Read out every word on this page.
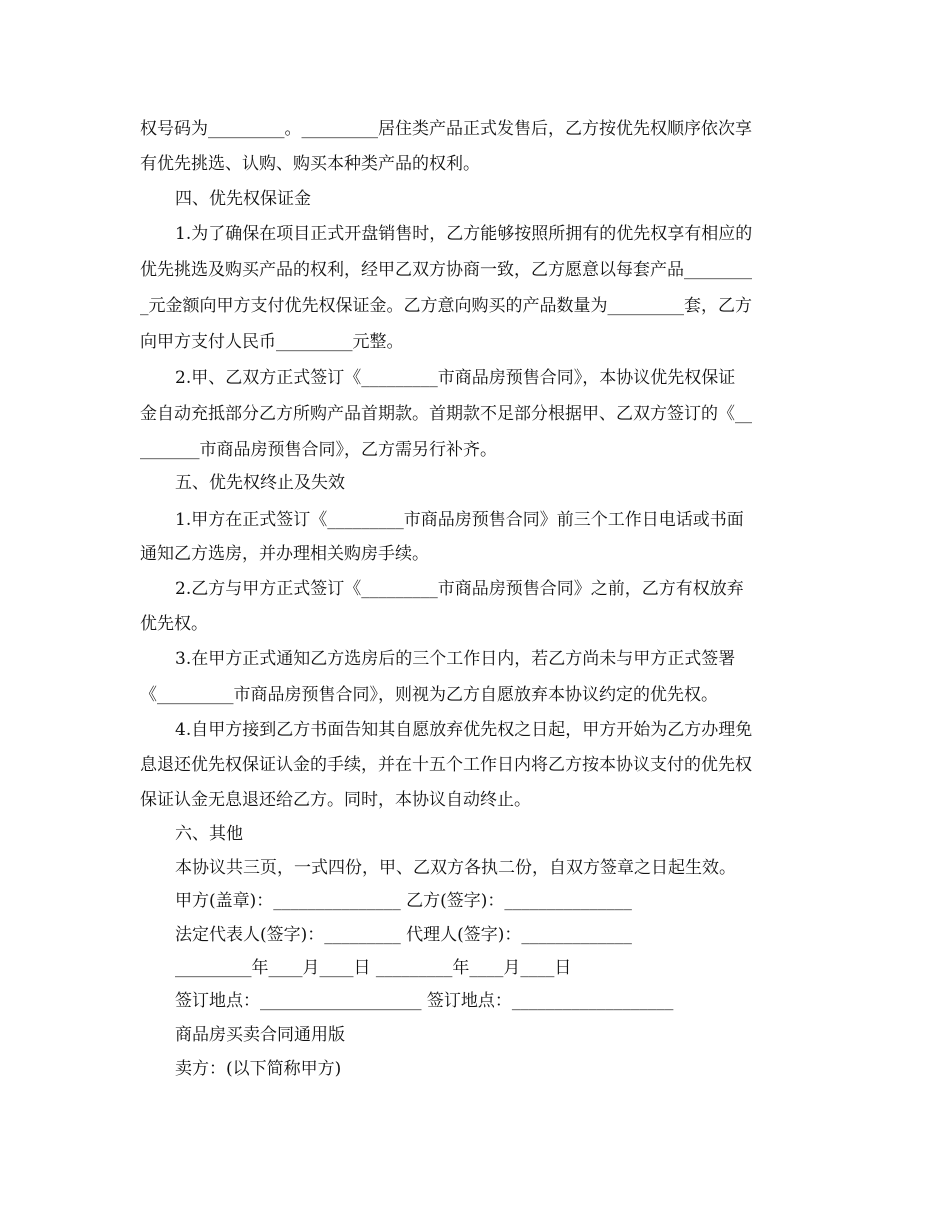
权号码为_________。_________居住类产品正式发售后，乙方按优先权顺序依次享
有优先挑选、认购、购买本种类产品的权利。
四、优先权保证金
1.为了确保在项目正式开盘销售时，乙方能够按照所拥有的优先权享有相应的
优先挑选及购买产品的权利，经甲乙双方协商一致，乙方愿意以每套产品________
_元金额向甲方支付优先权保证金。乙方意向购买的产品数量为_________套，乙方
向甲方支付人民币_________元整。
2.甲、乙双方正式签订《_________市商品房预售合同》，本协议优先权保证
金自动充抵部分乙方所购产品首期款。首期款不足部分根据甲、乙双方签订的《__
_______市商品房预售合同》，乙方需另行补齐。
五、优先权终止及失效
1.甲方在正式签订《_________市商品房预售合同》前三个工作日电话或书面
通知乙方选房，并办理相关购房手续。
2.乙方与甲方正式签订《_________市商品房预售合同》之前，乙方有权放弃
优先权。
3.在甲方正式通知乙方选房后的三个工作日内，若乙方尚未与甲方正式签署
《_________市商品房预售合同》，则视为乙方自愿放弃本协议约定的优先权。
4.自甲方接到乙方书面告知其自愿放弃优先权之日起，甲方开始为乙方办理免
息退还优先权保证认金的手续，并在十五个工作日内将乙方按本协议支付的优先权
保证认金无息退还给乙方。同时，本协议自动终止。
六、其他
本协议共三页，一式四份，甲、乙双方各执二份，自双方签章之日起生效。
甲方(盖章)：_______________ 乙方(签字)：_______________
法定代表人(签字)：_________ 代理人(签字)：_____________
_________年____月____日 _________年____月____日
签订地点：___________________ 签订地点：___________________
商品房买卖合同通用版
卖方：(以下简称甲方)
